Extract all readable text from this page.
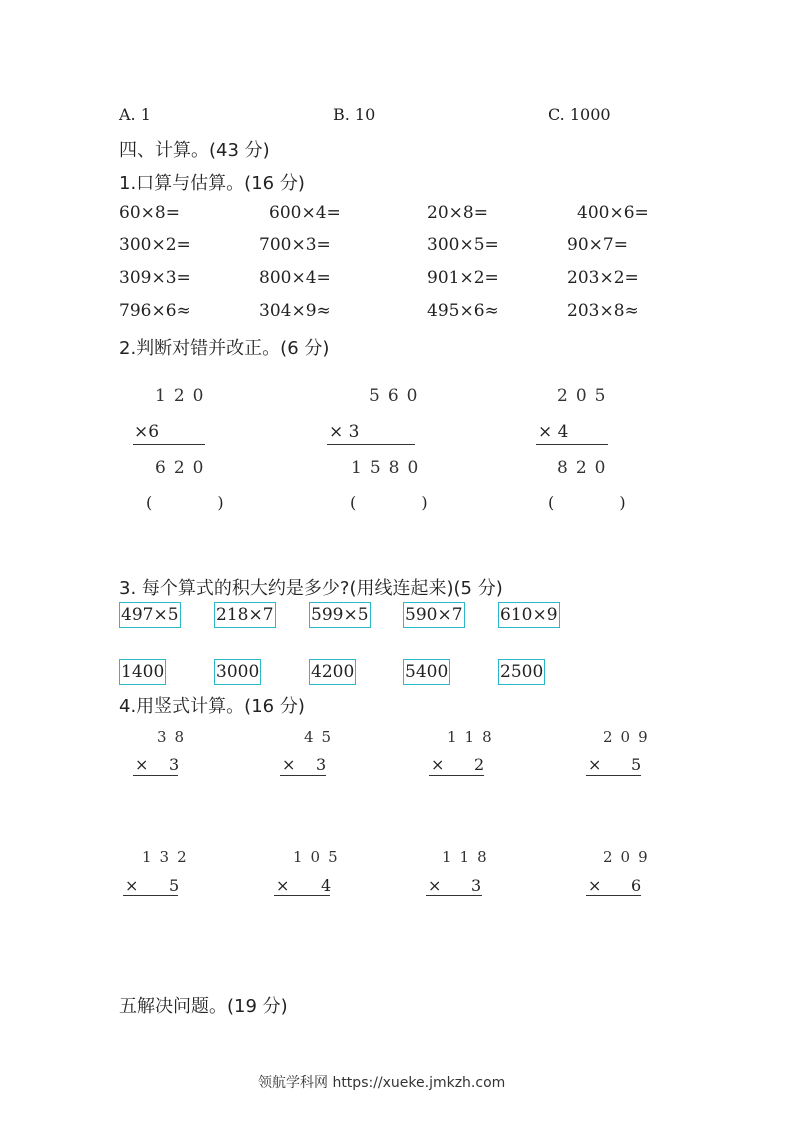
A. 1	B. 10	C. 1000
四、计算。(43 分)
1.口算与估算。(16 分)
60×8=	600×4=	20×8=	400×6=
300×2=	700×3=	300×5=	90×7=
309×3=	800×4=	901×2=	203×2=
796×6≈	304×9≈	495×6≈	203×8≈
2.判断对错并改正。(6 分)
120
×6
620
( )
560
× 3
1580
( )
205
× 4
820
( )
3. 每个算式的积大约是多少?(用线连起来)(5 分)
497×5 218×7 599×5 590×7 610×9
1400	3000	4200	5400	2500
4.用竖式计算。(16 分)
38
× 3
45
× 3
118
× 2
209
× 5
132
× 5
105
× 4
118
× 3
209
× 6
五解决问题。(19 分)
领航学科网 https://xueke.jmkzh.com
